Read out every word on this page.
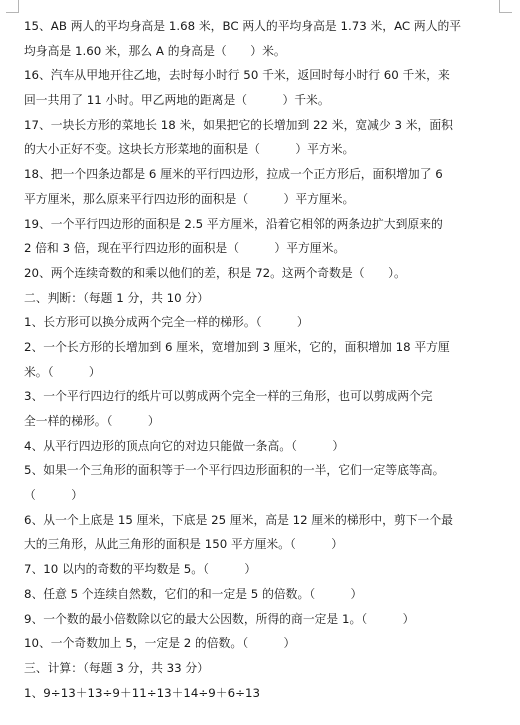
15、AB 两人的平均身高是 1.68 米，BC 两人的平均身高是 1.73 米，AC 两人的平
均身高是 1.60 米，那么 A 的身高是（　　）米。
16、汽车从甲地开往乙地，去时每小时行 50 千米，返回时每小时行 60 千米，来
回一共用了 11 小时。甲乙两地的距离是（　　　）千米。
17、一块长方形的菜地长 18 米，如果把它的长增加到 22 米，宽减少 3 米，面积
的大小正好不变。这块长方形菜地的面积是（　　　）平方米。
18、把一个四条边都是 6 厘米的平行四边形，拉成一个正方形后，面积增加了 6
平方厘米，那么原来平行四边形的面积是（　　　）平方厘米。
19、一个平行四边形的面积是 2.5 平方厘米，沿着它相邻的两条边扩大到原来的
2 倍和 3 倍，现在平行四边形的面积是（　　　）平方厘米。
20、两个连续奇数的和乘以他们的差，积是 72。这两个奇数是（　　）。
二、判断：（每题 1 分，共 10 分）
1、长方形可以换分成两个完全一样的梯形。（　　　）
2、一个长方形的长增加到 6 厘米，宽增加到 3 厘米，它的，面积增加 18 平方厘
米。（　　　）
3、一个平行四边行的纸片可以剪成两个完全一样的三角形，也可以剪成两个完
全一样的梯形。（　　　）
4、从平行四边形的顶点向它的对边只能做一条高。（　　　）
5、如果一个三角形的面积等于一个平行四边形面积的一半，它们一定等底等高。
（　　　）
6、从一个上底是 15 厘米，下底是 25 厘米，高是 12 厘米的梯形中，剪下一个最
大的三角形，从此三角形的面积是 150 平方厘米。（　　　）
7、10 以内的奇数的平均数是 5。（　　　）
8、任意 5 个连续自然数，它们的和一定是 5 的倍数。（　　　）
9、一个数的最小倍数除以它的最大公因数，所得的商一定是 1。（　　　）
10、一个奇数加上 5，一定是 2 的倍数。（　　　）
三、计算：（每题 3 分，共 33 分）
1、9÷13＋13÷9＋11÷13＋14÷9＋6÷13
